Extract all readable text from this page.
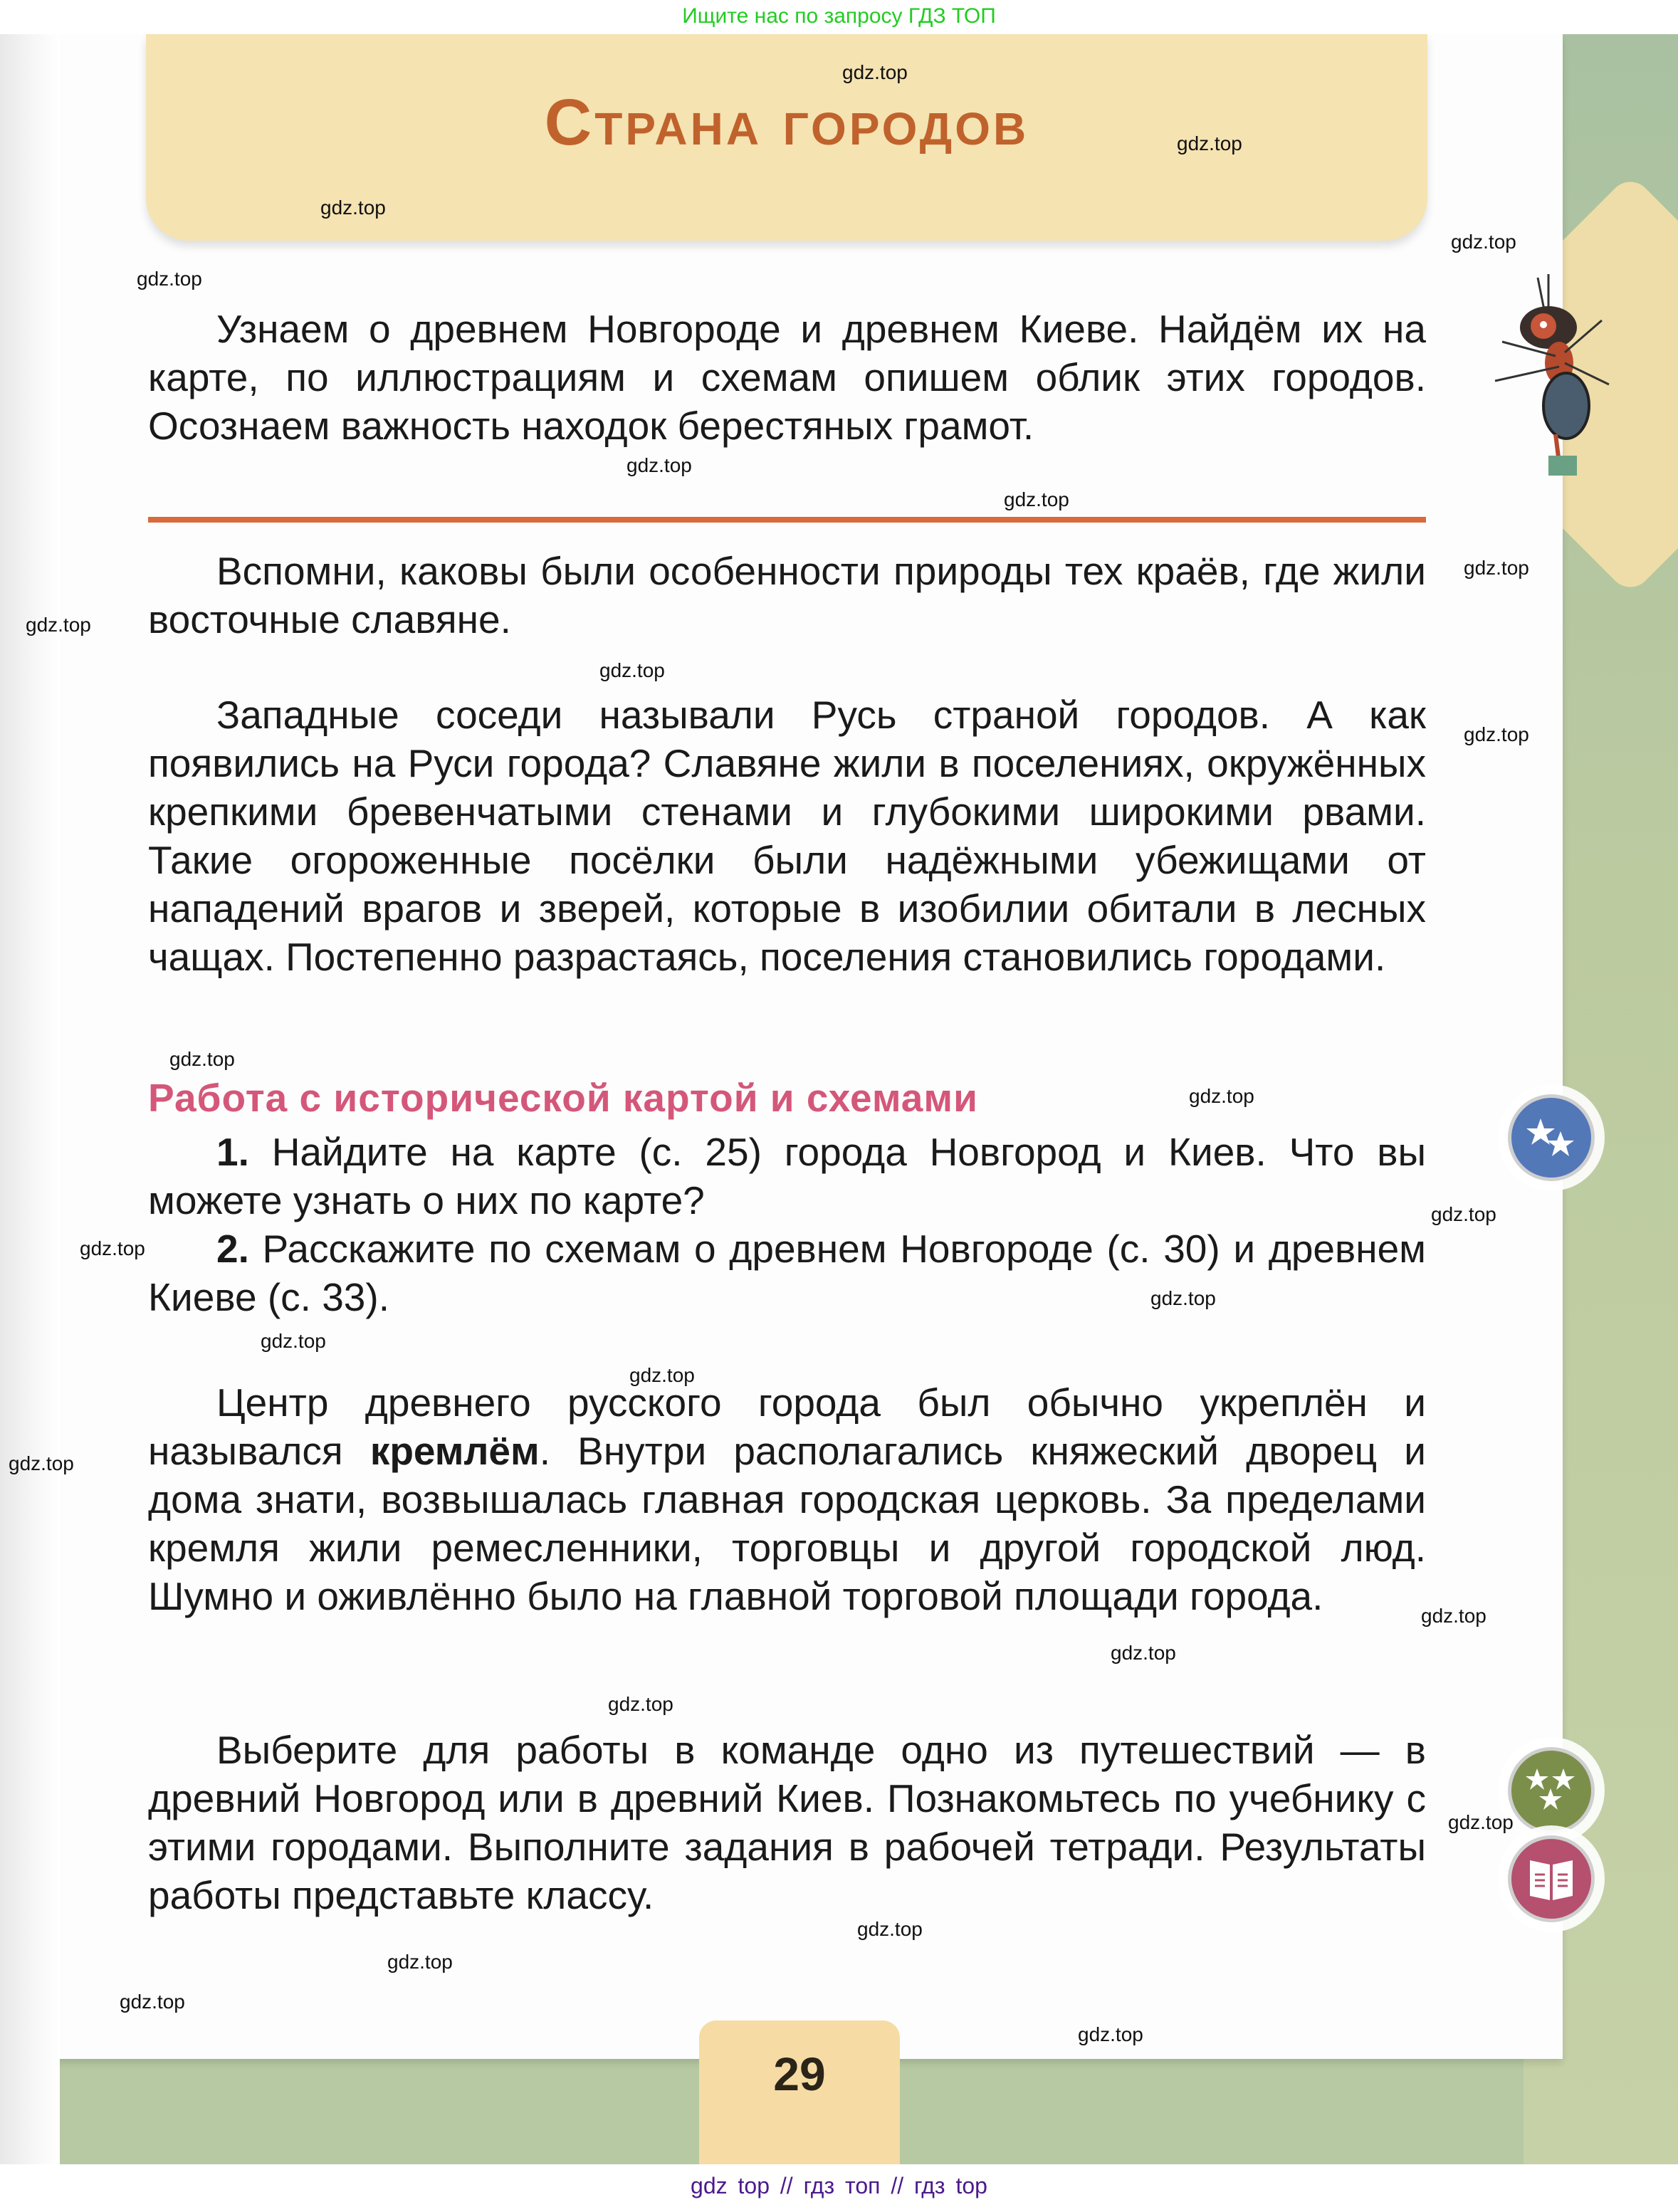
Ищите нас по запросу ГДЗ ТОП
Страна городов
Узнаем о древнем Новгороде и древнем Киеве. Найдём их на карте, по иллюстрациям и схемам опишем облик этих городов. Осознаем важность находок берестяных грамот.
Вспомни, каковы были особенности природы тех краёв, где жили восточные славяне.
Западные соседи называли Русь страной городов. А как появились на Руси города? Славяне жили в поселениях, окружённых крепкими бревенчатыми стенами и глубокими широкими рвами. Такие огороженные посёлки были надёжными убежищами от нападений врагов и зверей, которые в изобилии обитали в лесных чащах. Постепенно разрастаясь, поселения становились городами.
Работа с исторической картой и схемами
1. Найдите на карте (с. 25) города Новгород и Киев. Что вы можете узнать о них по карте?
2. Расскажите по схемам о древнем Новгороде (с. 30) и древнем Киеве (с. 33).
Центр древнего русского города был обычно укреплён и назывался кремлём. Внутри располагались княжеский дворец и дома знати, возвышалась главная городская церковь. За пределами кремля жили ремесленники, торговцы и другой городской люд. Шумно и оживлённо было на главной торговой площади города.
Выберите для работы в команде одно из путешествий — в древний Новгород или в древний Киев. Познакомьтесь по учебнику с этими городами. Выполните задания в рабочей тетради. Результаты работы представьте классу.
29
gdz.top
gdz.top
gdz.top
gdz.top
gdz.top
gdz.top
gdz.top
gdz.top
gdz.top
gdz.top
gdz.top
gdz.top
gdz.top
gdz.top
gdz.top
gdz.top
gdz.top
gdz.top
gdz.top
gdz.top
gdz.top
gdz.top
gdz.top
gdz.top
gdz.top
gdz.top
gdz.top
gdz top // гдз топ // гдз top
